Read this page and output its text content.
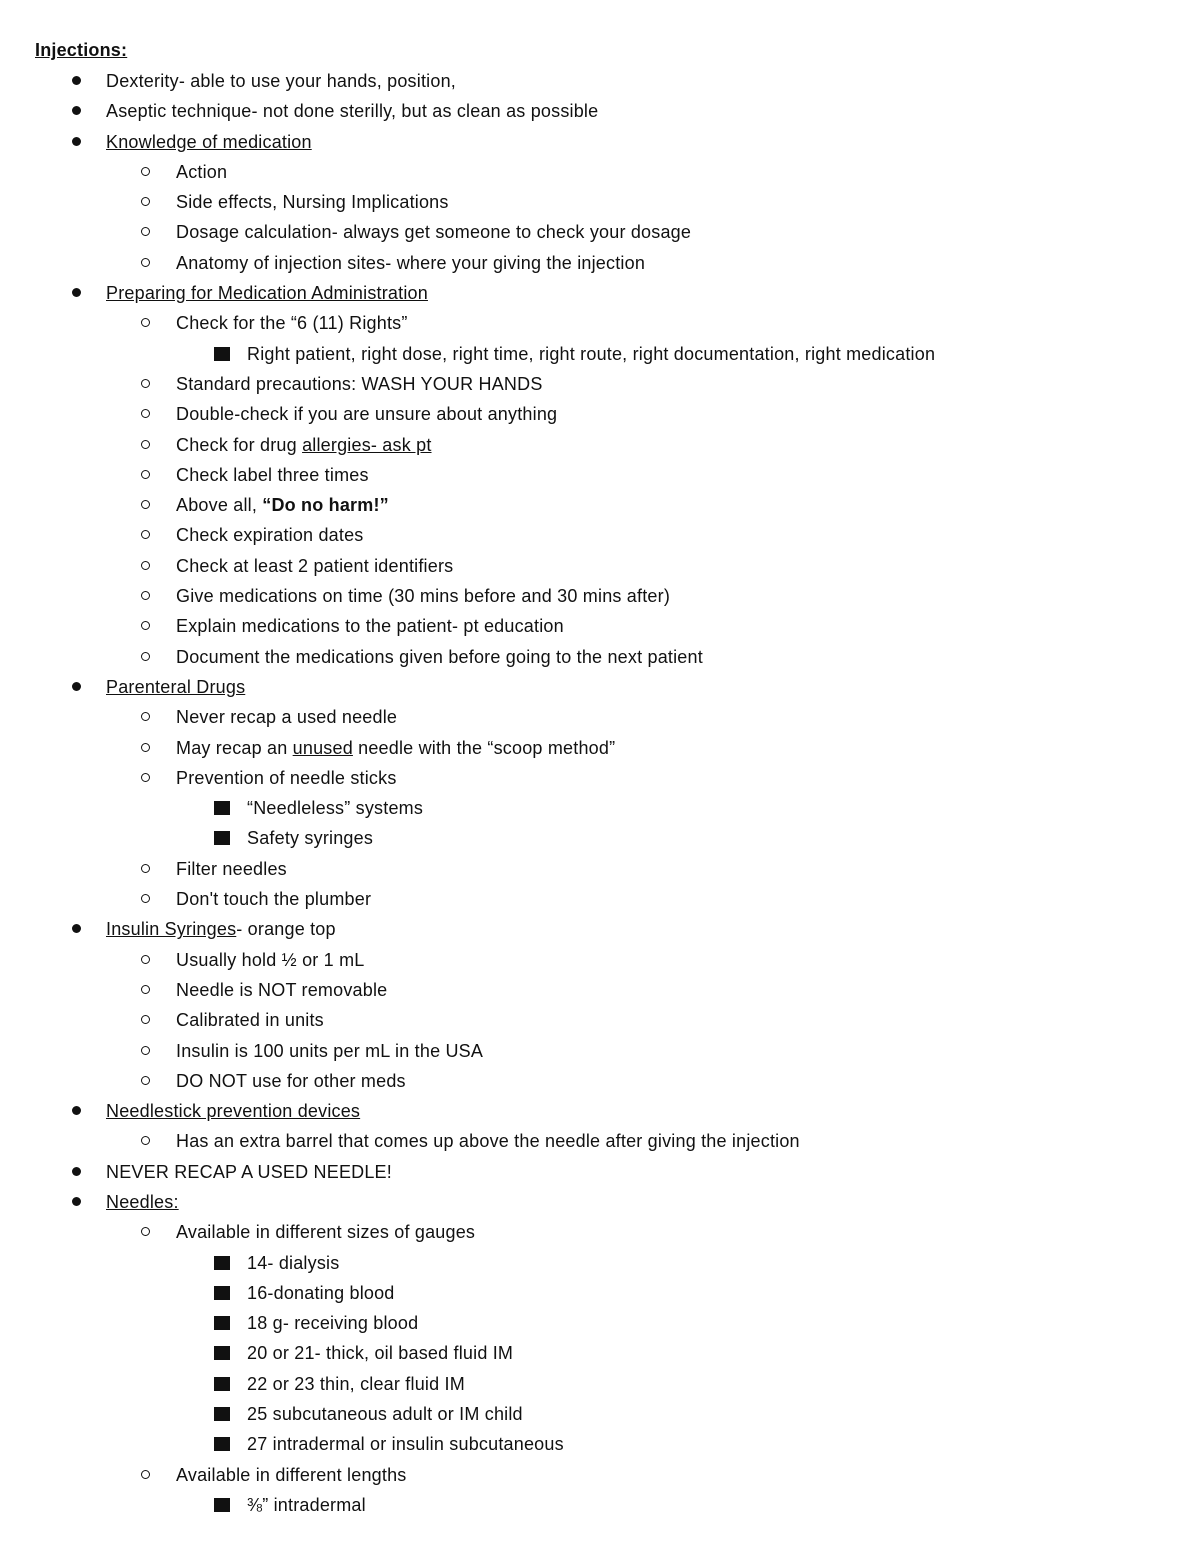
Injections:
Dexterity- able to use your hands, position,
Aseptic technique- not done sterilly, but as clean as possible
Knowledge of medication
Action
Side effects, Nursing Implications
Dosage calculation- always get someone to check your dosage
Anatomy of injection sites- where your giving the injection
Preparing for Medication Administration
Check for the “6 (11) Rights”
Right patient, right dose, right time, right route, right documentation, right medication
Standard precautions: WASH YOUR HANDS
Double-check if you are unsure about anything
Check for drug allergies- ask pt
Check label three times
Above all, “Do no harm!”
Check expiration dates
Check at least 2 patient identifiers
Give medications on time (30 mins before and 30 mins after)
Explain medications to the patient- pt education
Document the medications given before going to the next patient
Parenteral Drugs
Never recap a used needle
May recap an unused needle with the “scoop method”
Prevention of needle sticks
“Needleless” systems
Safety syringes
Filter needles
Don't touch the plumber
Insulin Syringes- orange top
Usually hold ½ or 1 mL
Needle is NOT removable
Calibrated in units
Insulin is 100 units per mL in the USA
DO NOT use for other meds
Needlestick prevention devices
Has an extra barrel that comes up above the needle after giving the injection
NEVER RECAP A USED NEEDLE!
Needles:
Available in different sizes of gauges
14- dialysis
16-donating blood
18 g- receiving blood
20 or 21- thick, oil based fluid IM
22 or 23 thin, clear fluid IM
25 subcutaneous adult or IM child
27 intradermal or insulin subcutaneous
Available in different lengths
⅜” intradermal
